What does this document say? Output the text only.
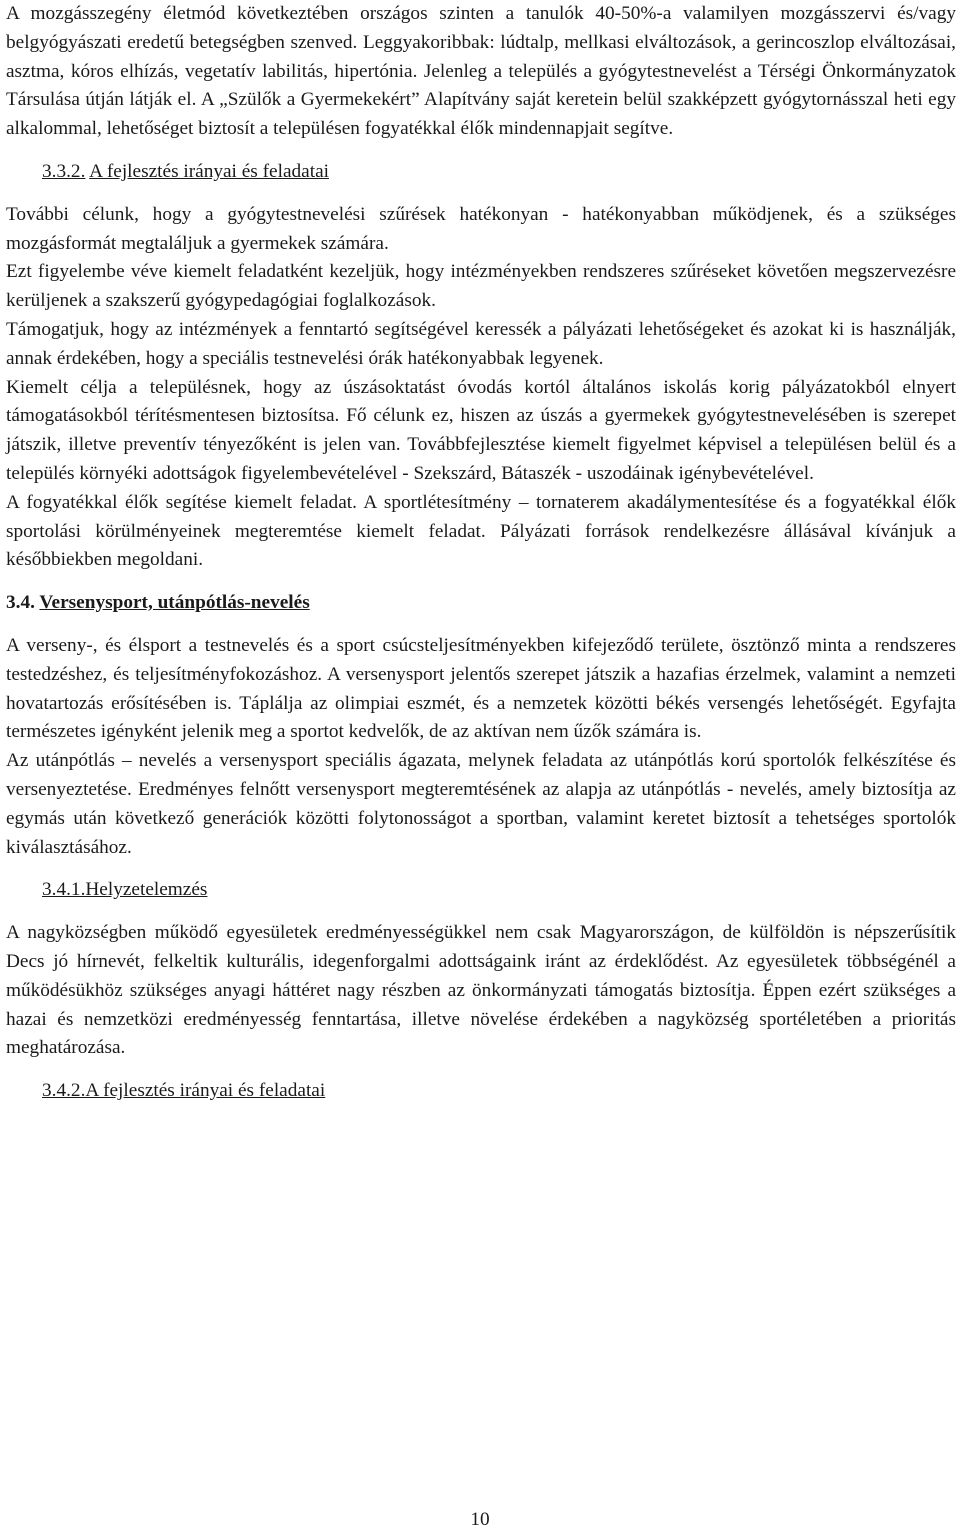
A mozgásszegény életmód következtében országos szinten a tanulók 40-50%-a valamilyen mozgásszervi és/vagy belgyógyászati eredetű betegségben szenved. Leggyakoribbak: lúdtalp, mellkasi elváltozások, a gerincoszlop elváltozásai, asztma, kóros elhízás, vegetatív labilitás, hipertónia. Jelenleg a település a gyógytestnevelést a Térségi Önkormányzatok Társulása útján látják el. A „Szülők a Gyermekekért” Alapítvány saját keretein belül szakképzett gyógytornásszal heti egy alkalommal, lehetőséget biztosít a településen fogyatékkal élők mindennapjait segítve.

3.3.2. A fejlesztés irányai és feladatai

További célunk, hogy a gyógytestnevelési szűrések hatékonyan - hatékonyabban működjenek, és a szükséges mozgásformát megtaláljuk a gyermekek számára.

Ezt figyelembe véve kiemelt feladatként kezeljük, hogy intézményekben rendszeres szűréseket követően megszervezésre kerüljenek a szakszerű gyógypedagógiai foglalkozások.

Támogatjuk, hogy az intézmények a fenntartó segítségével keressék a pályázati lehetőségeket és azokat ki is használják, annak érdekében, hogy a speciális testnevelési órák hatékonyabbak legyenek.

Kiemelt célja a településnek, hogy az úszásoktatást óvodás kortól általános iskolás korig pályázatokból elnyert támogatásokból térítésmentesen biztosítsa. Fő célunk ez, hiszen az úszás a gyermekek gyógytestnevelésében is szerepet játszik, illetve preventív tényezőként is jelen van. Továbbfejlesztése kiemelt figyelmet képvisel a településen belül és a település környéki adottságok figyelembevételével - Szekszárd, Bátaszék - uszodáinak igénybevételével.

A fogyatékkal élők segítése kiemelt feladat. A sportlétesítmény – tornaterem akadálymentesítése és a fogyatékkal élők sportolási körülményeinek megteremtése kiemelt feladat. Pályázati források rendelkezésre állásával kívánjuk a későbbiekben megoldani.

3.4. Versenysport, utánpótlás-nevelés

A verseny-, és élsport a testnevelés és a sport csúcsteljesítményekben kifejeződő területe, ösztönző minta a rendszeres testedzéshez, és teljesítményfokozáshoz. A versenysport jelentős szerepet játszik a hazafias érzelmek, valamint a nemzeti hovatartozás erősítésében is. Táplálja az olimpiai eszmét, és a nemzetek közötti békés versengés lehetőségét. Egyfajta természetes igényként jelenik meg a sportot kedvelők, de az aktívan nem űzők számára is.

Az utánpótlás – nevelés a versenysport speciális ágazata, melynek feladata az utánpótlás korú sportolók felkészítése és versenyeztetése. Eredményes felnőtt versenysport megteremtésének az alapja az utánpótlás - nevelés, amely biztosítja az egymás után következő generációk közötti folytonosságot a sportban, valamint keretet biztosít a tehetséges sportolók kiválasztásához.

3.4.1.Helyzetelemzés

A nagyközségben működő egyesületek eredményességükkel nem csak Magyarországon, de külföldön is népszerűsítik Decs jó hírnevét, felkeltik kulturális, idegenforgalmi adottságaink iránt az érdeklődést. Az egyesületek többségénél a működésükhöz szükséges anyagi háttéret nagy részben az önkormányzati támogatás biztosítja. Éppen ezért szükséges a hazai és nemzetközi eredményesség fenntartása, illetve növelése érdekében a nagyközség sportéletében a prioritás meghatározása.

3.4.2.A fejlesztés irányai és feladatai

10
